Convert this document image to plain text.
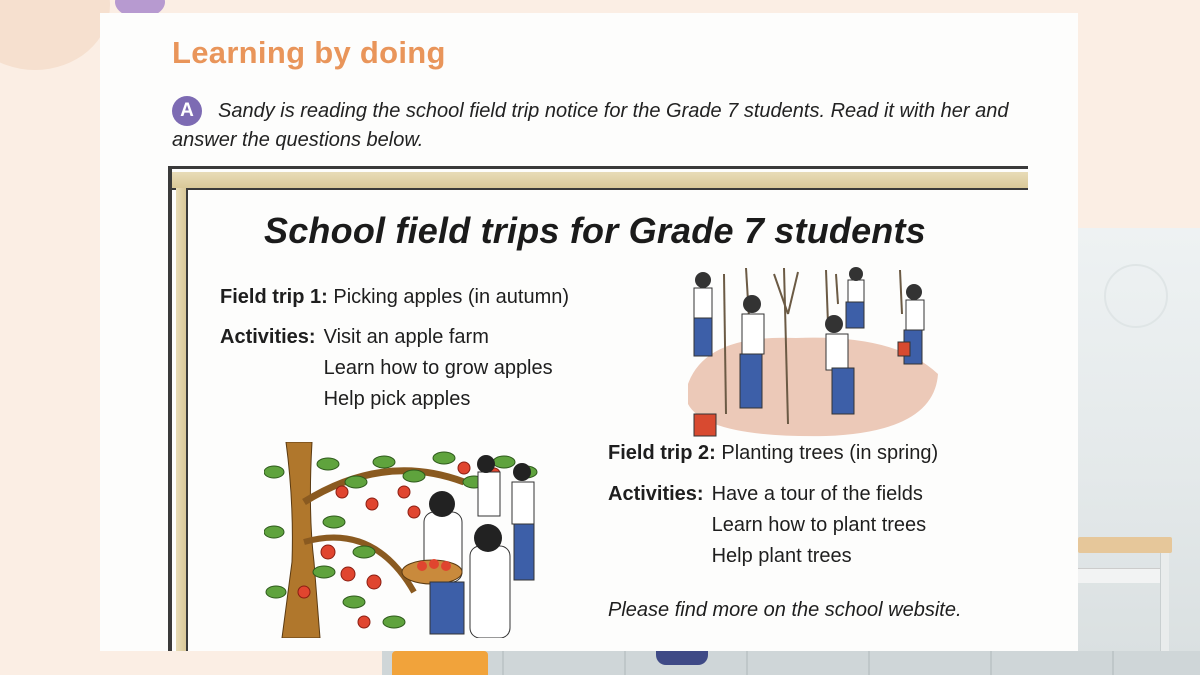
Learning by doing

Sandy is reading the school field trip notice for the Grade 7 students. Read it with her and answer the questions below.

A
School field trips for Grade 7 students
Field trip 1: Picking apples (in autumn)
Activities: Visit an apple farm
Learn how to grow apples
Help pick apples
Field trip 2: Planting trees (in spring)
Activities: Have a tour of the fields
Learn how to plant trees
Help plant trees

Please find more on the school website.
